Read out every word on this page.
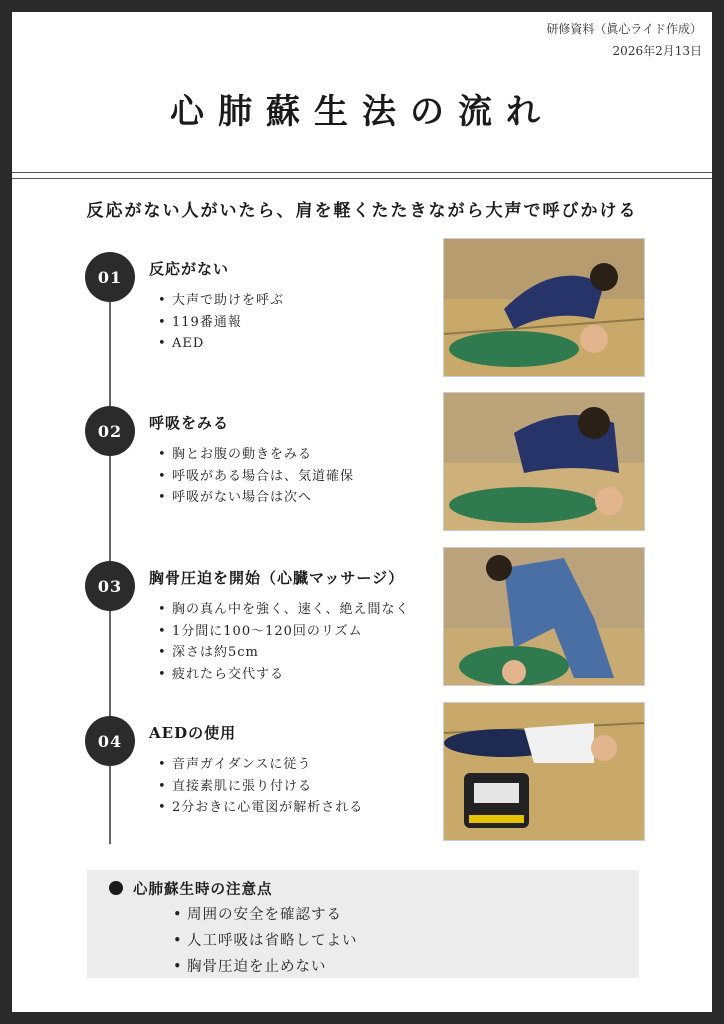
研修資料（眞心ライド作成）
2026年2月13日
心肺蘇生法の流れ
反応がない人がいたら、肩を軽くたたきながら大声で呼びかける
01	反応がない
• 大声で助けを呼ぶ
• 119番通報
• AED
02	呼吸をみる
• 胸とお腹の動きをみる
• 呼吸がある場合は、気道確保
• 呼吸がない場合は次へ
03	胸骨圧迫を開始（心臓マッサージ）
• 胸の真ん中を強く、速く、絶え間なく
• 1分間に100〜120回のリズム
• 深さは約5cm
• 疲れたら交代する
04	AEDの使用
• 音声ガイダンスに従う
• 直接素肌に張り付ける
• 2分おきに心電図が解析される
心肺蘇生時の注意点
• 周囲の安全を確認する
• 人工呼吸は省略してよい
• 胸骨圧迫を止めない
